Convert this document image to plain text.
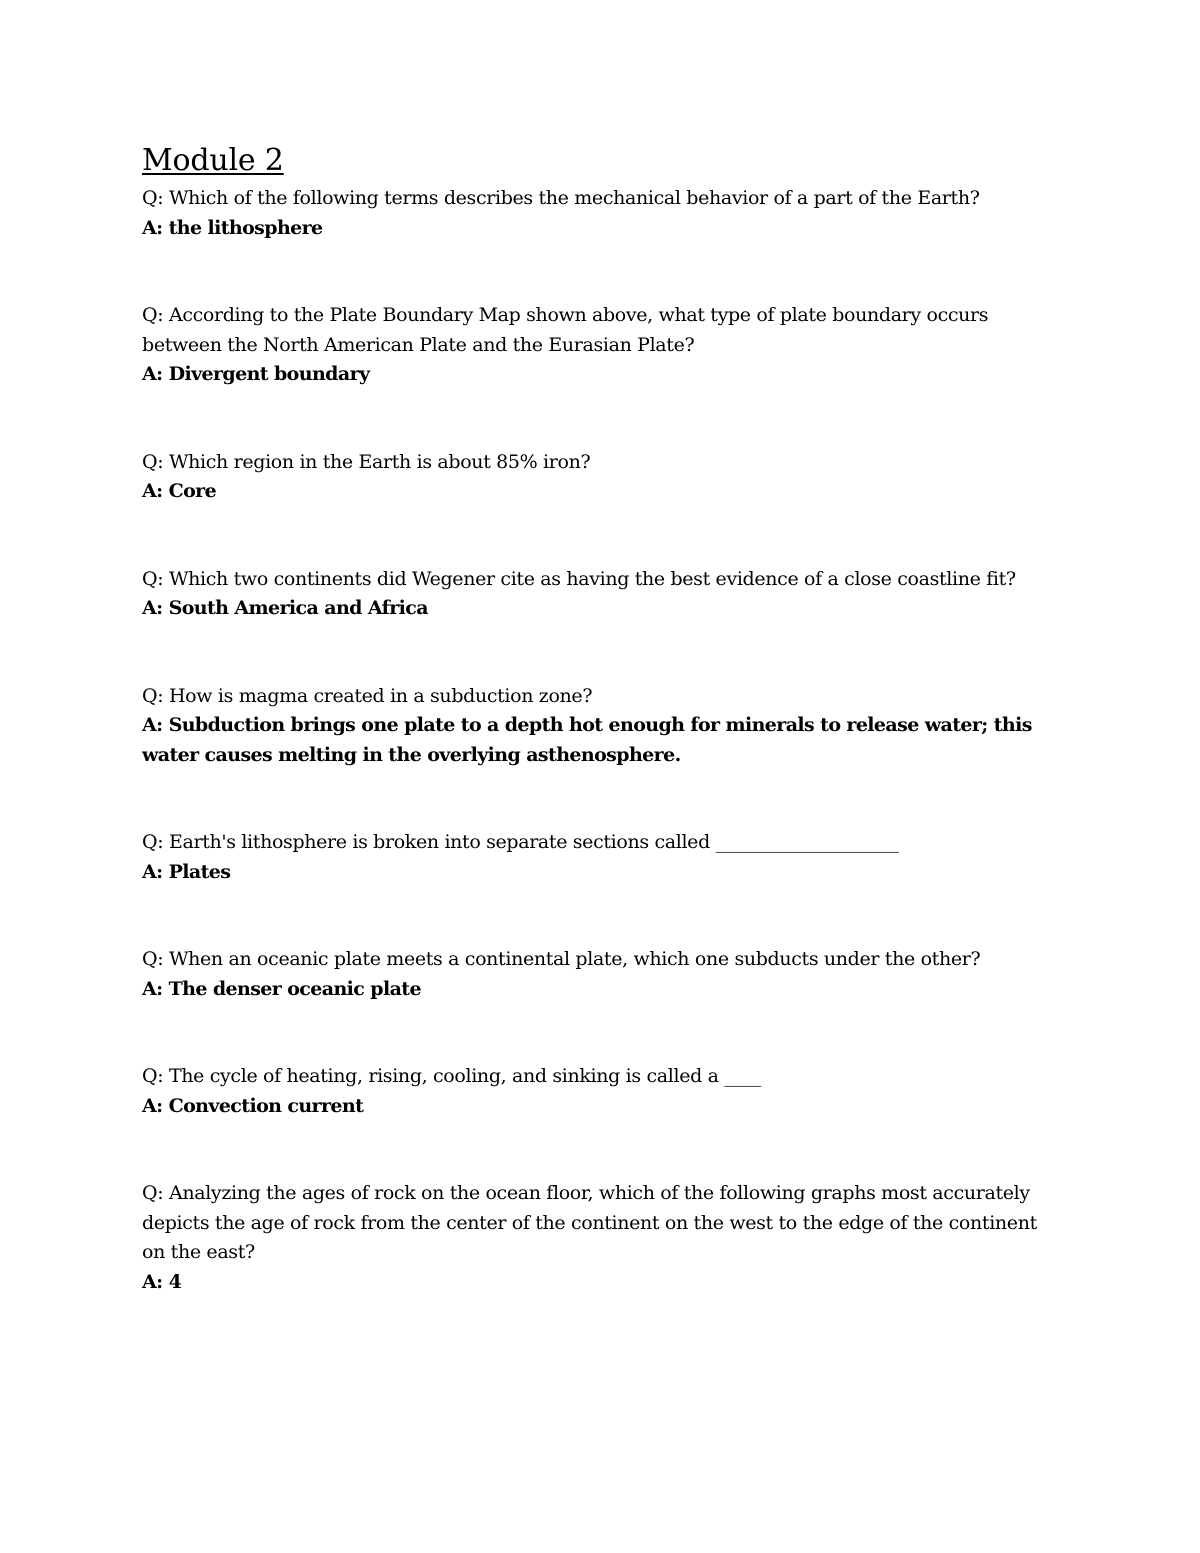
Module 2

Q: Which of the following terms describes the mechanical behavior of a part of the Earth?

A: the lithosphere

Q: According to the Plate Boundary Map shown above, what type of plate boundary occurs between the North American Plate and the Eurasian Plate?

A: Divergent boundary

Q: Which region in the Earth is about 85% iron?

A: Core

Q: Which two continents did Wegener cite as having the best evidence of a close coastline fit?

A: South America and Africa

Q: How is magma created in a subduction zone?

A: Subduction brings one plate to a depth hot enough for minerals to release water; this water causes melting in the overlying asthenosphere.

Q: Earth's lithosphere is broken into separate sections called ____________________

A: Plates

Q: When an oceanic plate meets a continental plate, which one subducts under the other?

A: The denser oceanic plate

Q: The cycle of heating, rising, cooling, and sinking is called a ____

A: Convection current

Q: Analyzing the ages of rock on the ocean floor, which of the following graphs most accurately depicts the age of rock from the center of the continent on the west to the edge of the continent on the east?

A: 4
